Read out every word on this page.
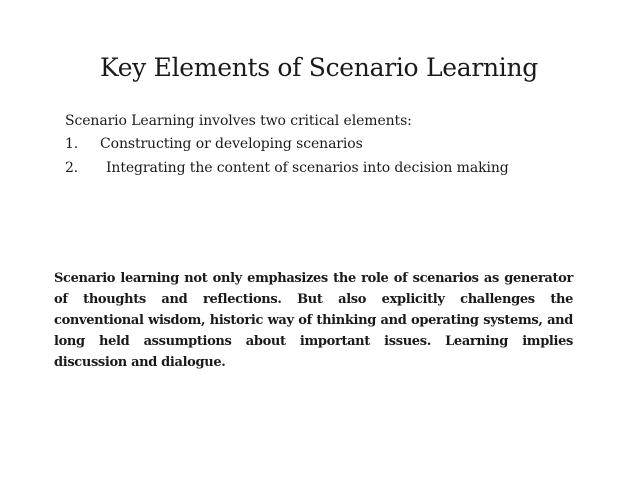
Key Elements of Scenario Learning
Scenario Learning involves two critical elements:
1. Constructing or developing scenarios
2. Integrating the content of scenarios into decision making
Scenario learning not only emphasizes the role of scenarios as generator of thoughts and reflections. But also explicitly challenges the conventional wisdom, historic way of thinking and operating systems, and long held assumptions about important issues. Learning implies discussion and dialogue.
